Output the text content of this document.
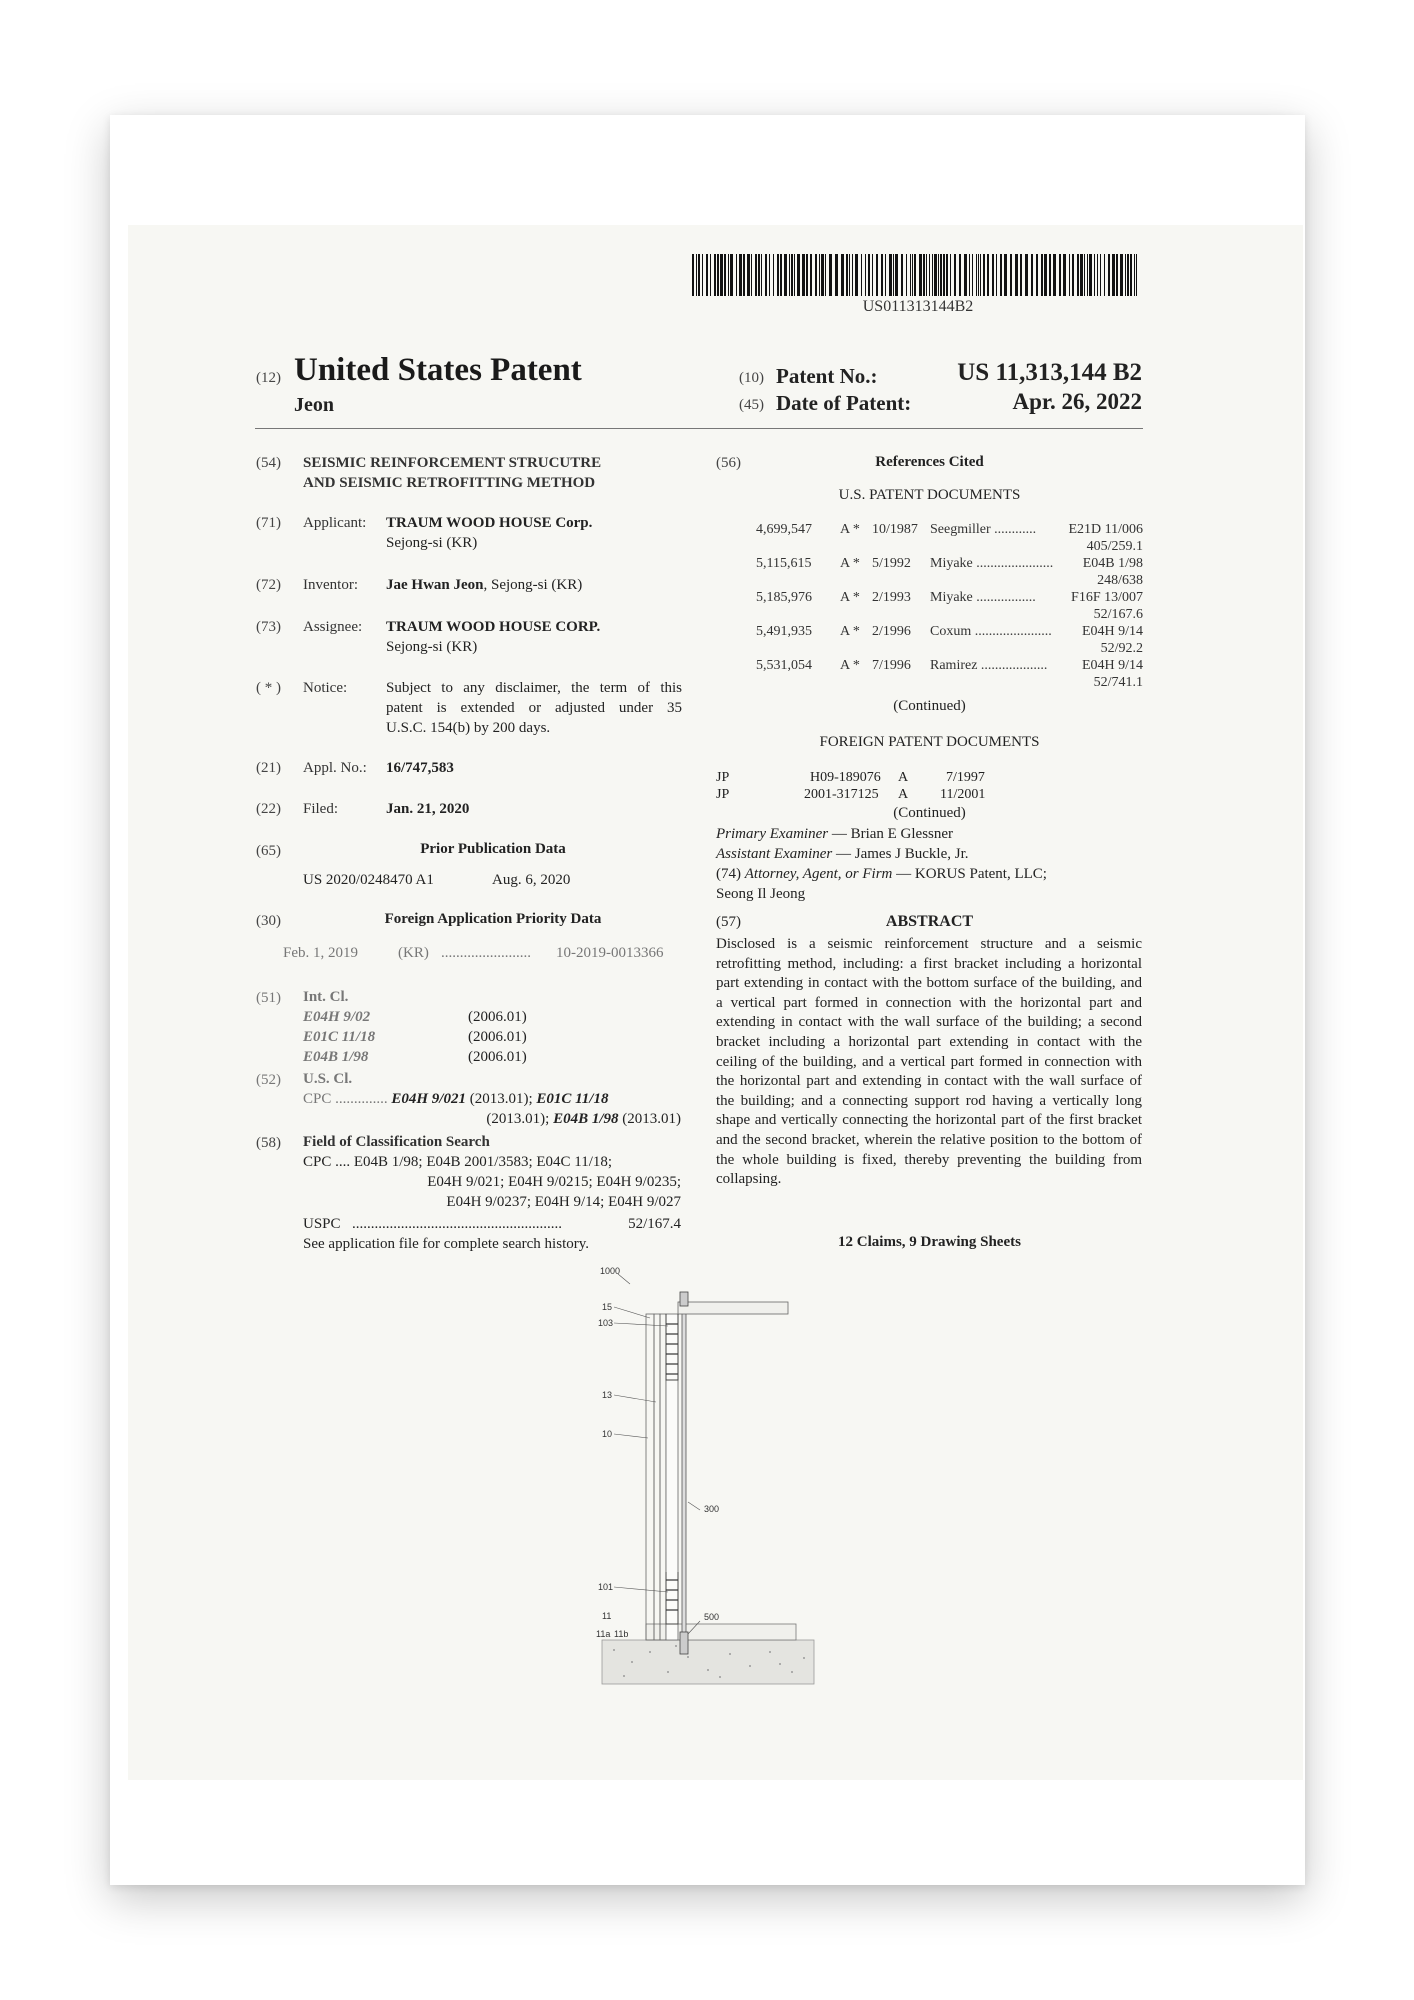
US011313144B2
(12) United States Patent
Jeon
(10) Patent No.:	US 11,313,144 B2
(45) Date of Patent:	Apr. 26, 2022
(54) SEISMIC REINFORCEMENT STRUCUTRE
AND SEISMIC RETROFITTING METHOD
(71) Applicant: TRAUM WOOD HOUSE Corp.
Sejong-si (KR)
(72) Inventor: Jae Hwan Jeon, Sejong-si (KR)
(73) Assignee: TRAUM WOOD HOUSE CORP.
Sejong-si (KR)
( * ) Notice:	Subject to any disclaimer, the term of this
patent is extended or adjusted under 35
U.S.C. 154(b) by 200 days.
(21) Appl. No.: 16/747,583
(22) Filed:	Jan. 21, 2020
(65)	Prior Publication Data
US 2020/0248470 A1	Aug. 6, 2020
(30)	Foreign Application Priority Data
Feb. 1, 2019	(KR) ........................ 10-2019-0013366
(51) Int. Cl.
E04H 9/02	(2006.01)
E01C 11/18	(2006.01)
E04B 1/98	(2006.01)
(52) U.S. Cl.
CPC .............. E04H 9/021 (2013.01); E01C 11/18
(2013.01); E04B 1/98 (2013.01)
(58) Field of Classification Search
CPC .... E04B 1/98; E04B 2001/3583; E04C 11/18;
E04H 9/021; E04H 9/0215; E04H 9/0235;
E04H 9/0237; E04H 9/14; E04H 9/027
USPC ........................................................	52/167.4
See application file for complete search history.
(56)	References Cited
U.S. PATENT DOCUMENTS
4,699,547 A * 10/1987 Seegmiller ............ E21D 11/006
405/259.1
5,115,615 A * 5/1992 Miyake ...................... E04B 1/98
248/638
5,185,976 A * 2/1993 Miyake .................	F16F 13/007
52/167.6
5,491,935 A * 2/1996 Coxum ...................... E04H 9/14
52/92.2
5,531,054 A * 7/1996 Ramirez ................... E04H 9/14
52/741.1
(Continued)
FOREIGN PATENT DOCUMENTS
JP	H09-189076 A	7/1997
JP	2001-317125 A 11/2001
(Continued)
Primary Examiner — Brian E Glessner
Assistant Examiner — James J Buckle, Jr.
(74) Attorney, Agent, or Firm — KORUS Patent, LLC;
Seong Il Jeong
(57)	ABSTRACT
Disclosed is a seismic reinforcement structure and a seismic retrofitting method, including: a first bracket including a horizontal part extending in contact with the bottom surface of the building, and a vertical part formed in connection with the horizontal part and extending in contact with the wall surface of the building; a second bracket including a horizontal part extending in contact with the ceiling of the building, and a vertical part formed in connection with the horizontal part and extending in contact with the wall surface of the building; and a connecting support rod having a vertically long shape and vertically connecting the horizontal part of the first bracket and the second bracket, wherein the relative position to the bottom of the whole building is fixed, thereby preventing the building from collapsing.
12 Claims, 9 Drawing Sheets
1000
15
103
13
10
300
101
11	500
11a 11b
